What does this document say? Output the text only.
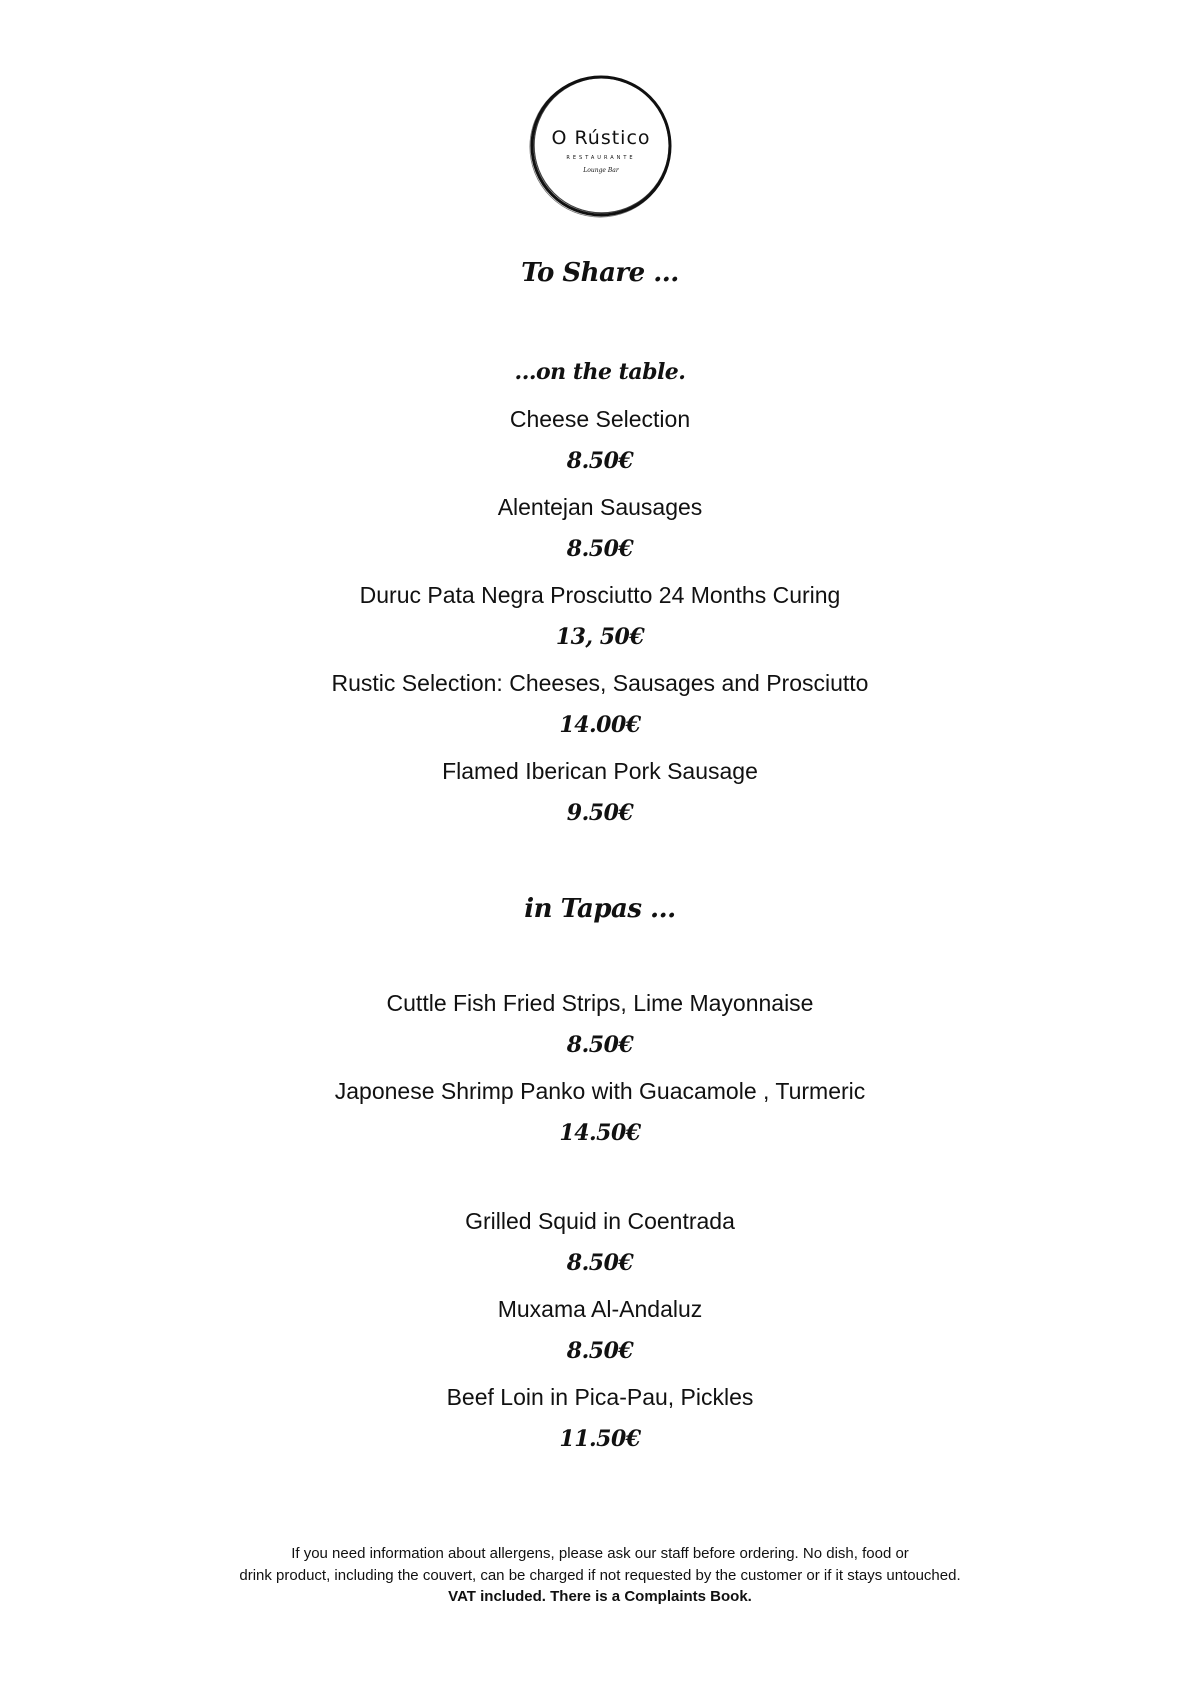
O Rústico
RESTAURANTE
Lounge Bar
To Share ...
...on the table.
Cheese Selection
8.50€
Alentejan Sausages
8.50€
Duruc Pata Negra Prosciutto 24 Months Curing
13, 50€
Rustic Selection: Cheeses, Sausages and Prosciutto
14.00€
Flamed Iberican Pork Sausage
9.50€
in Tapas ...
Cuttle Fish Fried Strips, Lime Mayonnaise
8.50€
Japonese Shrimp Panko with Guacamole , Turmeric
14.50€
Grilled Squid in Coentrada
8.50€
Muxama Al-Andaluz
8.50€
Beef Loin in Pica-Pau, Pickles
11.50€
If you need information about allergens, please ask our staff before ordering. No dish, food or
drink product, including the couvert, can be charged if not requested by the customer or if it stays untouched.
VAT included. There is a Complaints Book.
